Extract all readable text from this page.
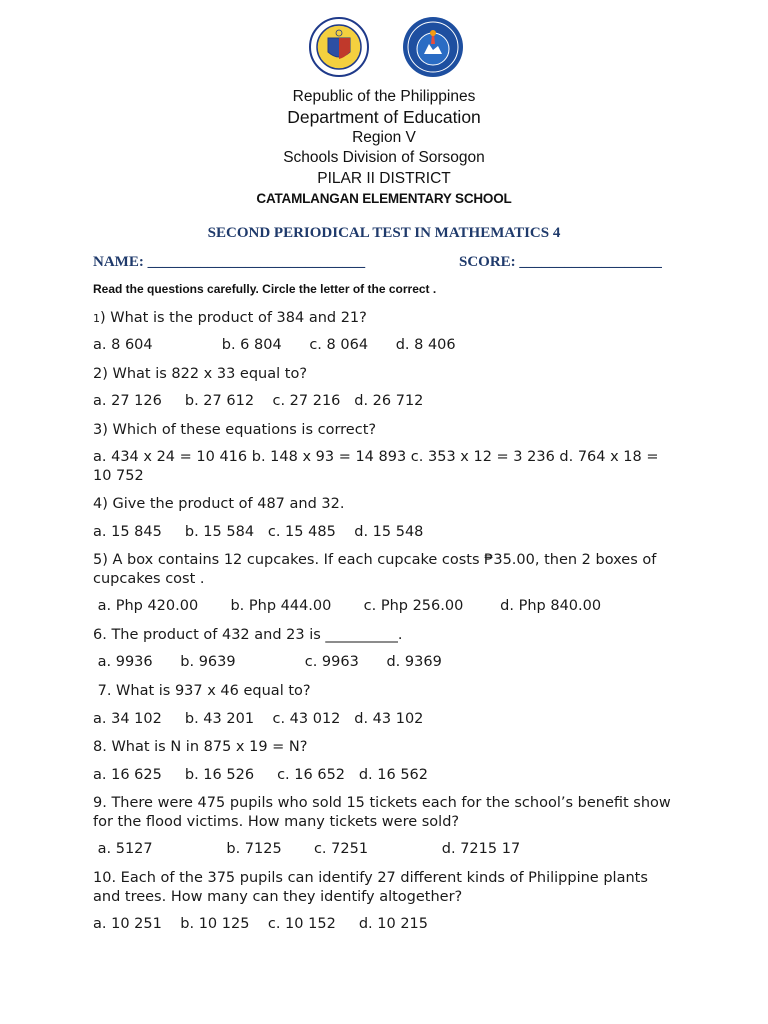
Republic of the Philippines
Department of Education
Region V
Schools Division of Sorsogon
PILAR II DISTRICT
CATAMLANGAN ELEMENTARY SCHOOL
SECOND PERIODICAL TEST IN MATHEMATICS 4
NAME: _____________________________	SCORE: ___________________
Read the questions carefully. Circle the letter of the correct .
1) What is the product of 384 and 21?
a. 8 604               b. 6 804      c. 8 064      d. 8 406
2) What is 822 x 33 equal to?
a. 27 126     b. 27 612    c. 27 216   d. 26 712
3) Which of these equations is correct?
a. 434 x 24 = 10 416 b. 148 x 93 = 14 893 c. 353 x 12 = 3 236 d. 764 x 18 = 10 752
4) Give the product of 487 and 32.
a. 15 845     b. 15 584   c. 15 485    d. 15 548
5) A box contains 12 cupcakes. If each cupcake costs ₱35.00, then 2 boxes of cupcakes cost .
a. Php 420.00       b. Php 444.00       c. Php 256.00        d. Php 840.00
6. The product of 432 and 23 is __________.
a. 9936      b. 9639               c. 9963      d. 9369
7. What is 937 x 46 equal to?
a. 34 102     b. 43 201    c. 43 012   d. 43 102
8. What is N in 875 x 19 = N?
a. 16 625     b. 16 526     c. 16 652   d. 16 562
9. There were 475 pupils who sold 15 tickets each for the school’s benefit show for the flood victims. How many tickets were sold?
a. 5127                b. 7125       c. 7251                d. 7215 17
10. Each of the 375 pupils can identify 27 different kinds of Philippine plants and trees. How many can they identify altogether?
a. 10 251    b. 10 125    c. 10 152     d. 10 215
